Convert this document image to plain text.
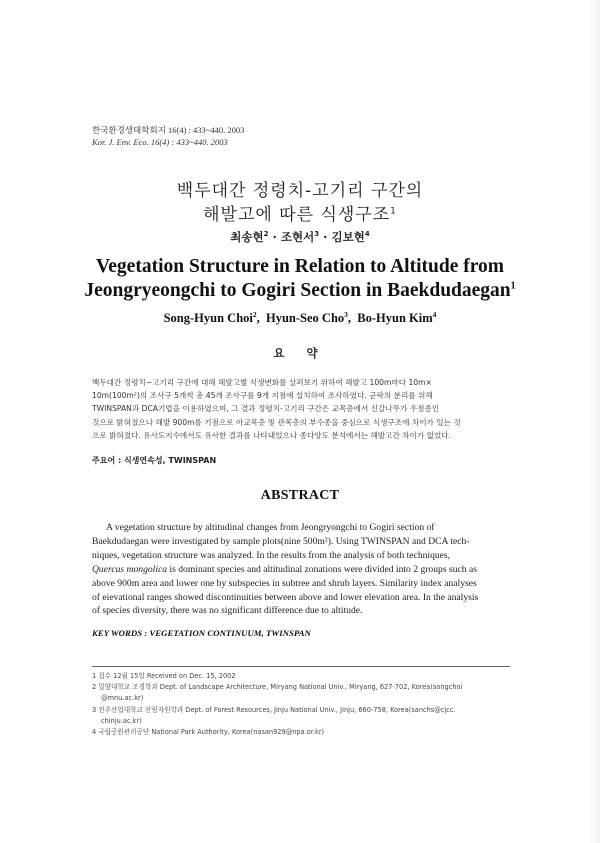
한국환경생태학회지 16(4) : 433~440. 2003
Kor. J. Env. Eco. 16(4) : 433~440. 2003
백두대간 정령치-고기리 구간의
해발고에 따른 식생구조$^1$
최송현$^2$ · 조현서$^3$ · 김보현$^4$
Vegetation Structure in Relation to Altitude from
Jeongryeongchi to Gogiri Section in Baekdudaegan$^1$
Song-Hyun Choi$^2$,  Hyun-Seo Cho$^3$,  Bo-Hyun Kim$^4$
요 약
백두대간 정령치~고기리 구간에 대해 해발고별 식생변화를 살펴보기 위하여 해발고 100m마다 10m×
10m(100m²)의 조사구 5개씩 총 45개 조사구를 9개 지점에 설치하여 조사하였다. 군락의 분리를 위해
TWINSPAN과 DCA기법을 이용하였으며, 그 결과 정령치-고기리 구간은 교목층에서 신갈나무가 우점종인
것으로 밝혀졌으나 해발 900m를 기점으로 아교목층 및 관목층의 부수종을 중심으로 식생구조에 차이가 있는 것
으로 밝혀졌다. 유사도지수에서도 유사한 결과를 나타내었으나 종다양도 분석에서는 해발고간 차이가 없었다.
주요어 : 식생연속성, TWINSPAN
ABSTRACT
A vegetation structure by altitudinal changes from Jeongryongchi to Gogiri section of
Baekdudaegan were investigated by sample plots(nine 500m²). Using TWINSPAN and DCA tech-
niques, vegetation structure was analyzed. In the results from the analysis of both techniques,
Quercus mongolica is dominant species and altitudinal zonations were divided into 2 groups such as
above 900m area and lower one by subspecies in subtree and shrub layers. Similarity index analyses
of eievational ranges showed discontinuities between above and lower elevation area. In the analysis
of species diversity, there was no significant difference due to altitude.
KEY WORDS : VEGETATION CONTINUUM, TWINSPAN
1 접수 12월 15일 Received on Dec. 15, 2002
2 밀양대학교 조경학과 Dept. of Landscape Architecture, Miryang National Univ., Miryang, 627-702, Korea(songchoi
@mnu.ac.kr)
3 진주산업대학교 산림자원학과 Dept. of Forest Resources, Jinju National Univ., Jinju, 660-758, Korea(sanchs@cjcc.
chinju.ac.kr)
4 국립공원관리공단 National Park Authority, Korea(nasan929@npa.or.kr)
